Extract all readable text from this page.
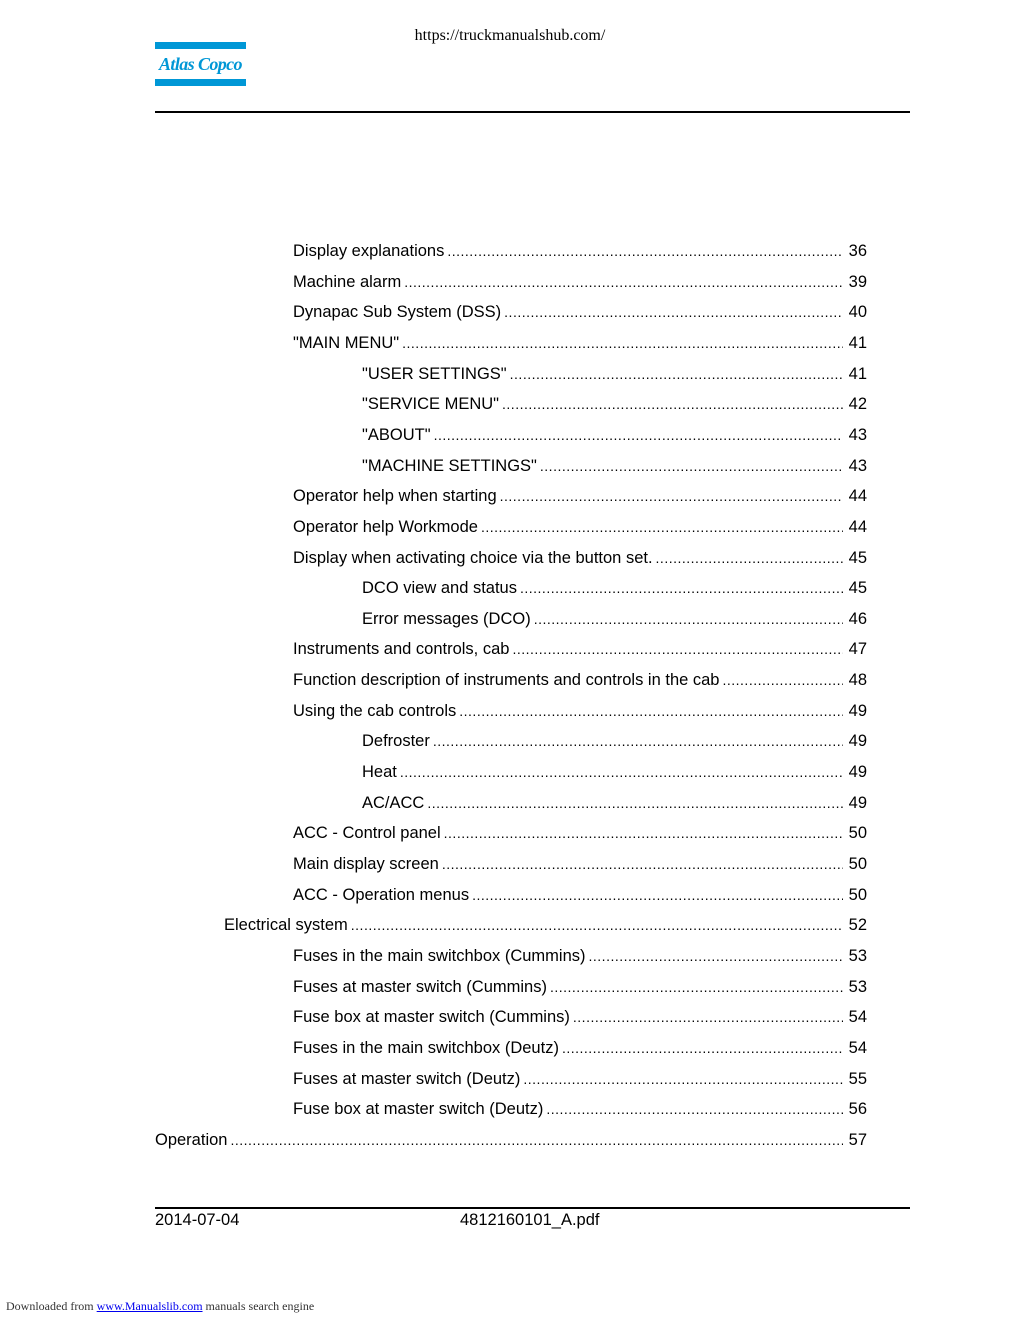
https://truckmanualshub.com/
Atlas Copco
Display explanations .....	36
Machine alarm .....	39
Dynapac Sub System (DSS) .....	40
"MAIN MENU" .....	41
"USER SETTINGS" .....	41
"SERVICE MENU" .....	42
"ABOUT" .....	43
"MACHINE SETTINGS" .....	43
Operator help when starting .....	44
Operator help Workmode .....	44
Display when activating choice via the button set. .....	45
DCO view and status .....	45
Error messages (DCO) .....	46
Instruments and controls, cab .....	47
Function description of instruments and controls in the cab .....	48
Using the cab controls .....	49
Defroster .....	49
Heat .....	49
AC/ACC .....	49
ACC - Control panel .....	50
Main display screen .....	50
ACC - Operation menus .....	50
Electrical system .....	52
Fuses in the main switchbox (Cummins) .....	53
Fuses at master switch (Cummins) .....	53
Fuse box at master switch (Cummins) .....	54
Fuses in the main switchbox (Deutz) .....	54
Fuses at master switch (Deutz) .....	55
Fuse box at master switch (Deutz) .....	56
Operation .....	57
2014-07-04	4812160101_A.pdf
Downloaded from www.Manualslib.com manuals search engine
